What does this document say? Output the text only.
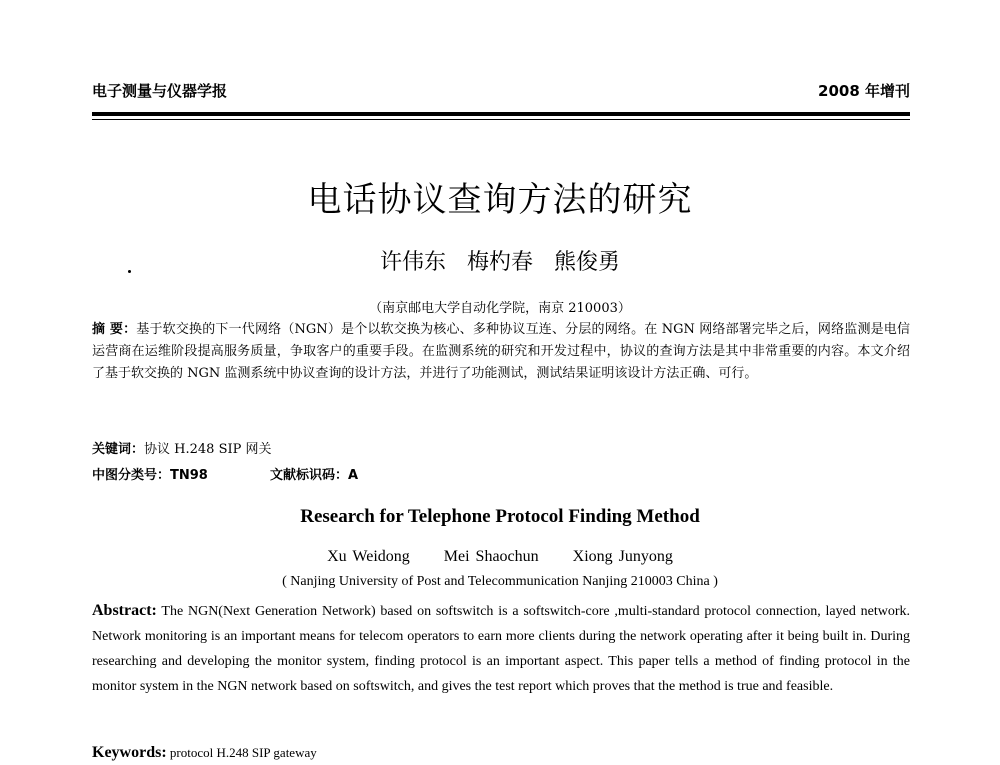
电子测量与仪器学报	2008 年增刊
电话协议查询方法的研究
许伟东 梅杓春 熊俊勇
（南京邮电大学自动化学院，南京 210003）
摘 要：基于软交换的下一代网络（NGN）是个以软交换为核心、多种协议互连、分层的网络。在 NGN 网络部署完毕之后，网络监测是电信运营商在运维阶段提高服务质量，争取客户的重要手段。在监测系统的研究和开发过程中，协议的查询方法是其中非常重要的内容。本文介绍了基于软交换的 NGN 监测系统中协议查询的设计方法，并进行了功能测试，测试结果证明该设计方法正确、可行。
关键词：协议 H.248 SIP 网关
中图分类号：TN98	文献标识码：A
Research for Telephone Protocol Finding Method
Xu Weidong Mei Shaochun Xiong Junyong
( Nanjing University of Post and Telecommunication Nanjing 210003 China )
Abstract: The NGN(Next Generation Network) based on softswitch is a softswitch-core ,multi-standard protocol connection, layed network. Network monitoring is an important means for telecom operators to earn more clients during the network operating after it being built in. During researching and developing the monitor system, finding protocol is an important aspect. This paper tells a method of finding protocol in the monitor system in the NGN network based on softswitch, and gives the test report which proves that the method is true and feasible.
Keywords: protocol H.248 SIP gateway
